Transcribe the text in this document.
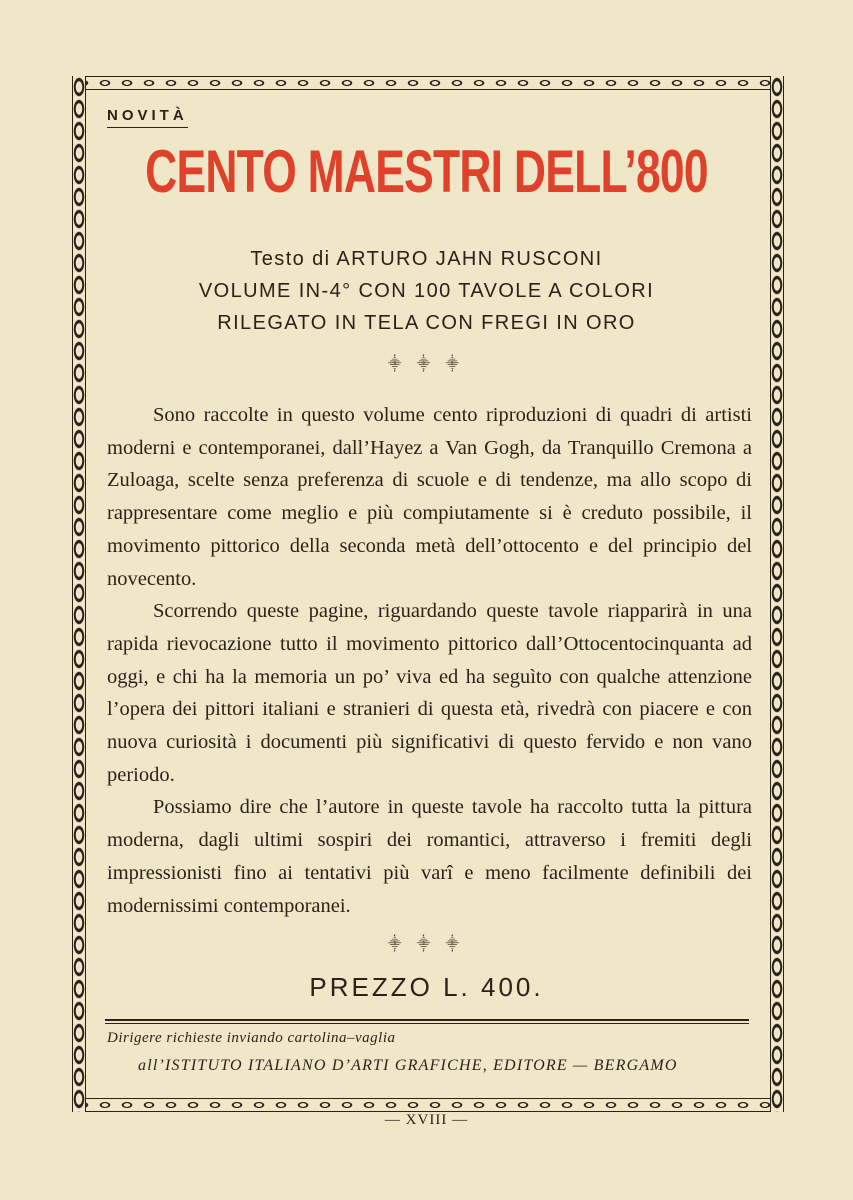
NOVITÀ
CENTO MAESTRI DELL’800
Testo di ARTURO JAHN RUSCONI
VOLUME IN-4° CON 100 TAVOLE A COLORI
RILEGATO IN TELA CON FREGI IN ORO
⸎ ⸎ ⸎

Sono raccolte in questo volume cento riproduzioni di quadri di artisti moderni e contemporanei, dall’Hayez a Van Gogh, da Tranquillo Cremona a Zuloaga, scelte senza preferenza di scuole e di tendenze, ma allo scopo di rappresentare come meglio e più compiutamente si è creduto possibile, il movimento pittorico della seconda metà dell’ottocento e del principio del novecento.

Scorrendo queste pagine, riguardando queste tavole riapparirà in una rapida rievocazione tutto il movimento pittorico dall’Ottocentocinquanta ad oggi, e chi ha la memoria un po’ viva ed ha seguìto con qualche attenzione l’opera dei pittori italiani e stranieri di questa età, rivedrà con piacere e con nuova curiosità i documenti più significativi di questo fervido e non vano periodo.

Possiamo dire che l’autore in queste tavole ha raccolto tutta la pittura moderna, dagli ultimi sospiri dei romantici, attraverso i fremiti degli impressionisti fino ai tentativi più varî e meno facilmente definibili dei modernissimi contemporanei.

⸎ ⸎ ⸎
PREZZO L. 400.
Dirigere richieste inviando cartolina–vaglia
all’ISTITUTO ITALIANO D’ARTI GRAFICHE, EDITORE — BERGAMO
— XVIII —
